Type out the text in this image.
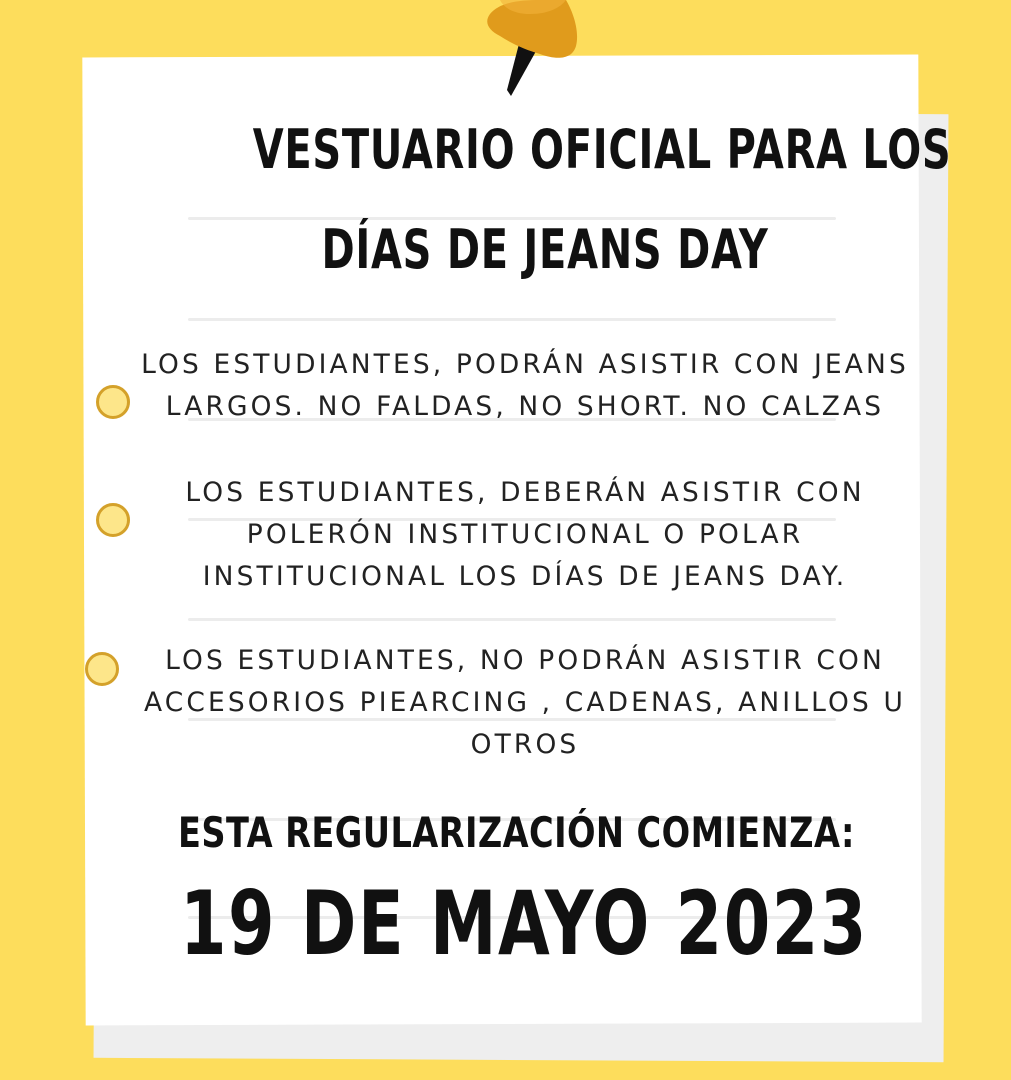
VESTUARIO OFICIAL PARA LOS
DÍAS DE JEANS DAY
LOS ESTUDIANTES, PODRÁN ASISTIR CON JEANS
LARGOS. NO FALDAS, NO SHORT. NO CALZAS
LOS ESTUDIANTES, DEBERÁN ASISTIR CON
POLERÓN INSTITUCIONAL O POLAR
INSTITUCIONAL LOS DÍAS DE JEANS DAY.
LOS ESTUDIANTES, NO PODRÁN ASISTIR CON
ACCESORIOS PIEARCING , CADENAS, ANILLOS U
OTROS
ESTA REGULARIZACIÓN COMIENZA:
19 DE MAYO 2023
